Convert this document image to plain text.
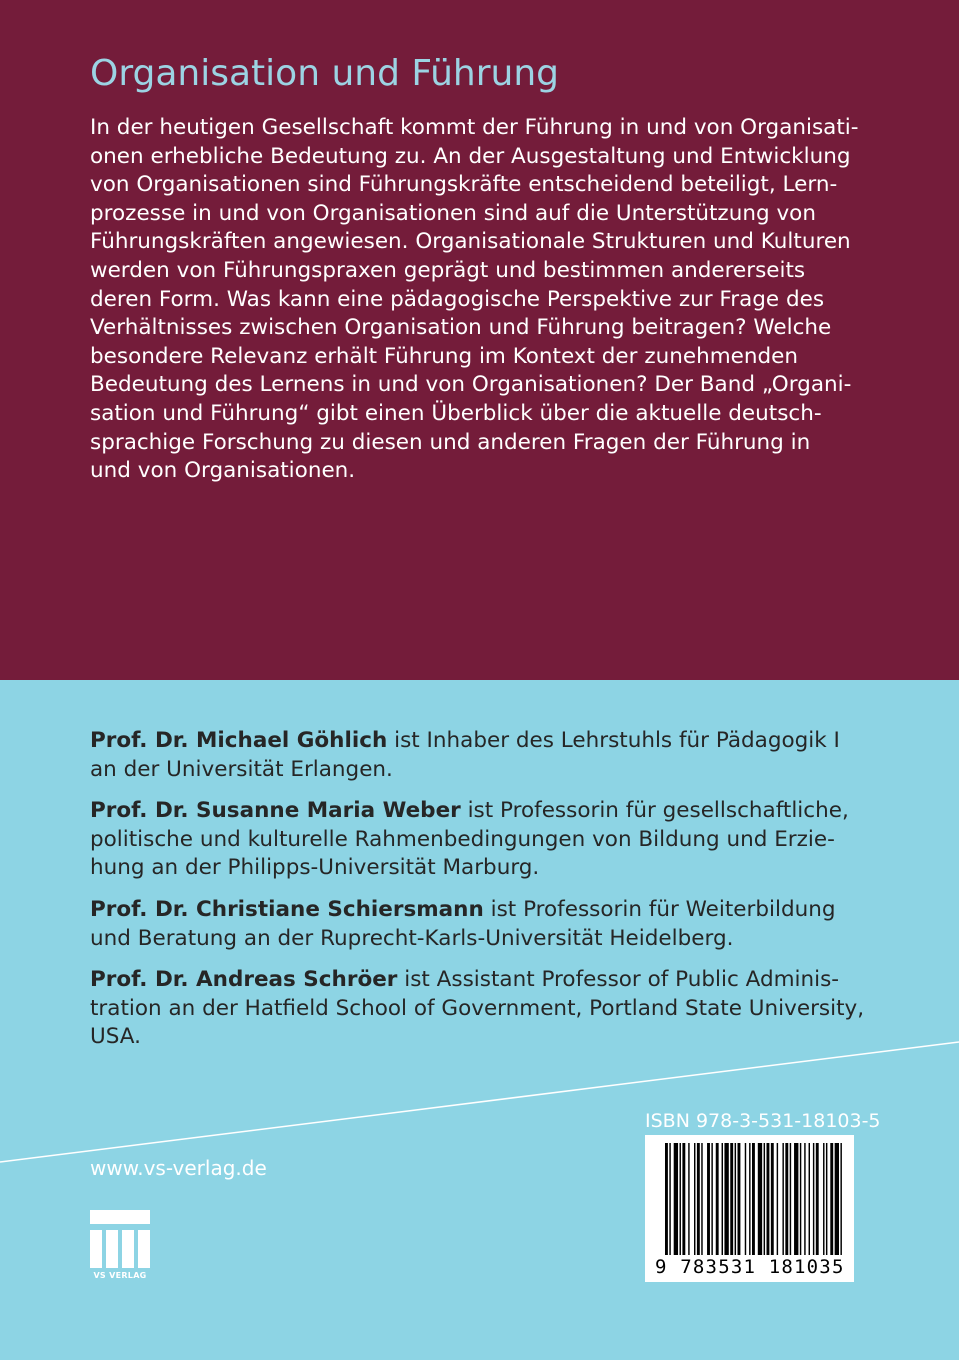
Organisation und Führung
In der heutigen Gesellschaft kommt der Führung in und von Organisati-
onen erhebliche Bedeutung zu. An der Ausgestaltung und Entwicklung
von Organisationen sind Führungskräfte entscheidend beteiligt, Lern-
prozesse in und von Organisationen sind auf die Unterstützung von
Führungskräften angewiesen. Organisationale Strukturen und Kulturen
werden von Führungspraxen geprägt und bestimmen andererseits
deren Form. Was kann eine pädagogische Perspektive zur Frage des
Verhältnisses zwischen Organisation und Führung beitragen? Welche
besondere Relevanz erhält Führung im Kontext der zunehmenden
Bedeutung des Lernens in und von Organisationen? Der Band „Organi-
sation und Führung“ gibt einen Überblick über die aktuelle deutsch-
sprachige Forschung zu diesen und anderen Fragen der Führung in
und von Organisationen.
Prof. Dr. Michael Göhlich ist Inhaber des Lehrstuhls für Pädagogik I
an der Universität Erlangen.
Prof. Dr. Susanne Maria Weber ist Professorin für gesellschaftliche,
politische und kulturelle Rahmenbedingungen von Bildung und Erzie-
hung an der Philipps-Universität Marburg.
Prof. Dr. Christiane Schiersmann ist Professorin für Weiterbildung
und Beratung an der Ruprecht-Karls-Universität Heidelberg.
Prof. Dr. Andreas Schröer ist Assistant Professor of Public Adminis-
tration an der Hatfield School of Government, Portland State University,
USA.
www.vs-verlag.de
VS VERLAG
ISBN 978-3-531-18103-5
9 783531 181035
